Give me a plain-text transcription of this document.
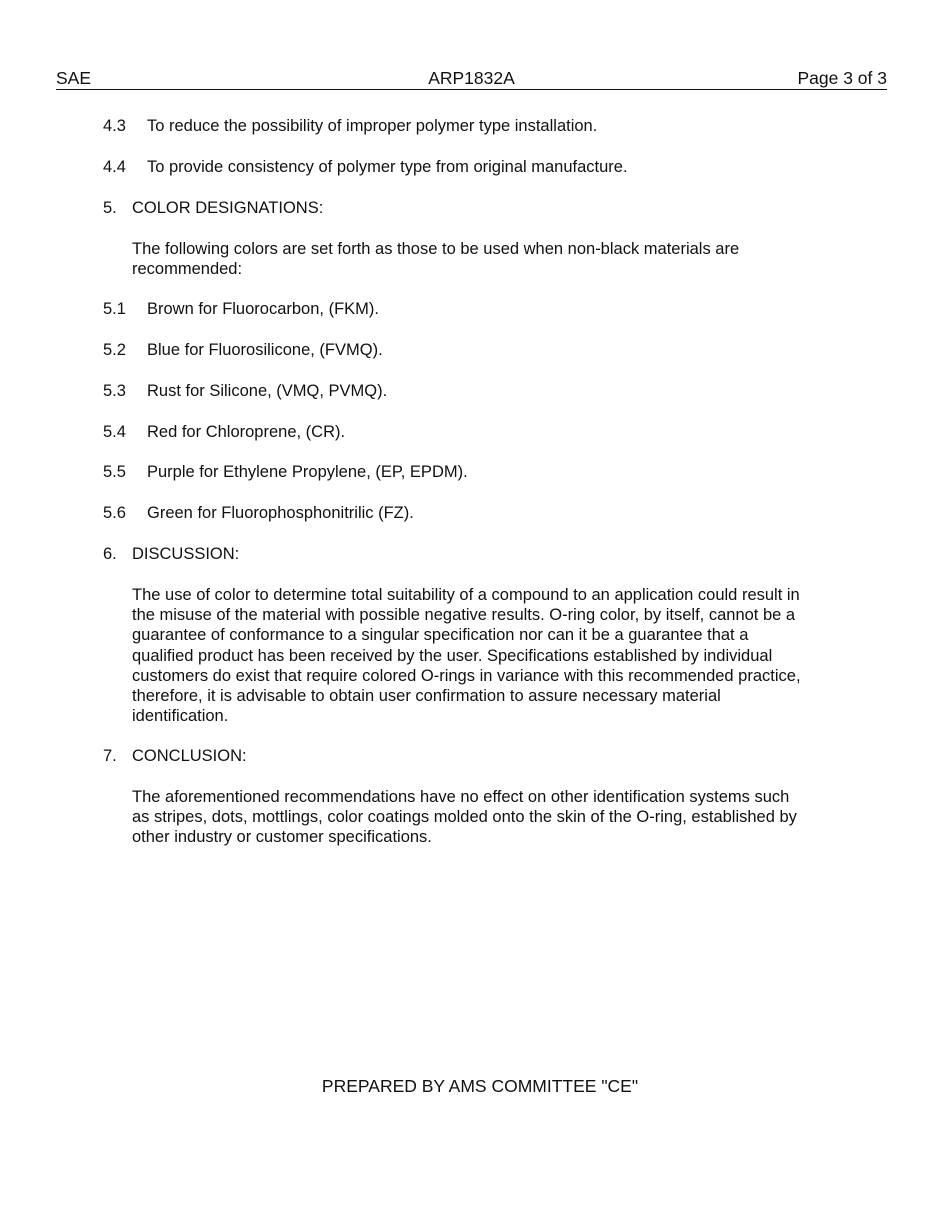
SAE	ARP1832A	Page 3 of 3
4.3 To reduce the possibility of improper polymer type installation.
4.4 To provide consistency of polymer type from original manufacture.
5. COLOR DESIGNATIONS:
The following colors are set forth as those to be used when non-black materials are
recommended:
5.1 Brown for Fluorocarbon, (FKM).
5.2 Blue for Fluorosilicone, (FVMQ).
5.3 Rust for Silicone, (VMQ, PVMQ).
5.4 Red for Chloroprene, (CR).
5.5 Purple for Ethylene Propylene, (EP, EPDM).
5.6 Green for Fluorophosphonitrilic (FZ).
6. DISCUSSION:
The use of color to determine total suitability of a compound to an application could result in
the misuse of the material with possible negative results. O-ring color, by itself, cannot be a
guarantee of conformance to a singular specification nor can it be a guarantee that a
qualified product has been received by the user. Specifications established by individual
customers do exist that require colored O-rings in variance with this recommended practice,
therefore, it is advisable to obtain user confirmation to assure necessary material
identification.
7. CONCLUSION:
The aforementioned recommendations have no effect on other identification systems such
as stripes, dots, mottlings, color coatings molded onto the skin of the O-ring, established by
other industry or customer specifications.
PREPARED BY AMS COMMITTEE "CE"
